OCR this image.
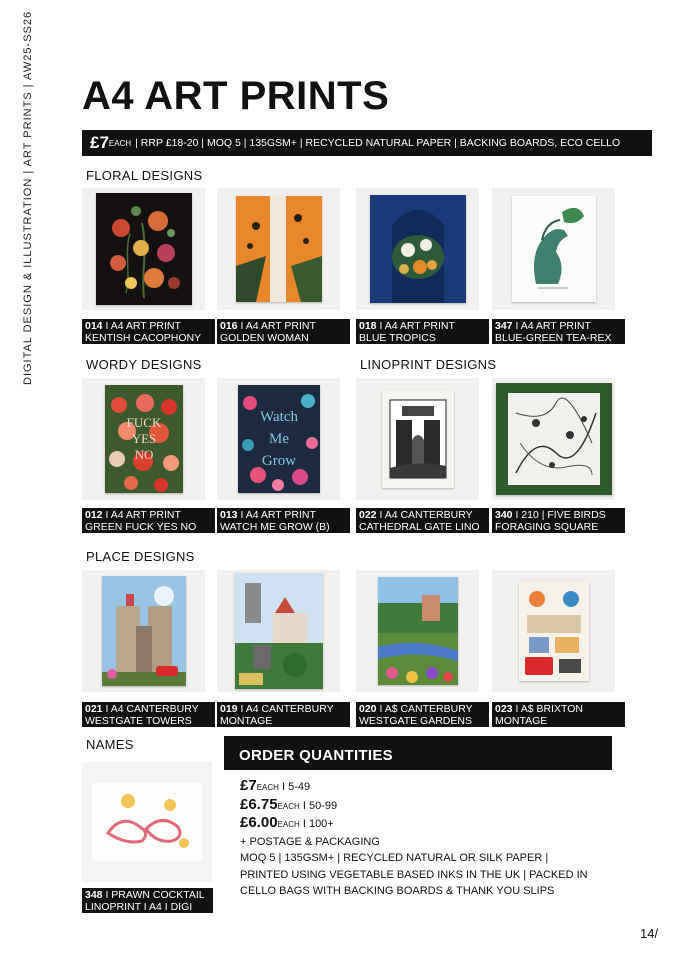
DIGITAL DESIGN & ILLUSTRATION | ART PRINTS | AW25-SS26 A4 ART PRINTS
£7 EACH | RRP £18-20 | MOQ 5 | 135GSM+ | RECYCLED NATURAL PAPER | BACKING BOARDS, ECO CELLO
FLORAL DESIGNS
WORDY DESIGNS	LINOPRINT DESIGNS
PLACE DESIGNS
NAMES
014 I A4 ART PRINT
KENTISH CACOPHONY
016 I A4 ART PRINT
GOLDEN WOMAN
018 I A4 ART PRINT
BLUE TROPICS
347 I A4 ART PRINT
BLUE-GREEN TEA-REX
FUCK
YES
NO
012 I A4 ART PRINT
GREEN FUCK YES NO
Watch
Me
Grow
013 I A4 ART PRINT
WATCH ME GROW (B)
022 I A4 CANTERBURY
CATHEDRAL GATE LINO
340 I 210 | FIVE BIRDS
FORAGING SQUARE
021 I A4 CANTERBURY
WESTGATE TOWERS
019 I A4 CANTERBURY
MONTAGE
020 I A$ CANTERBURY
WESTGATE GARDENS
023 I A$ BRIXTON
MONTAGE
348 I PRAWN COCKTAIL
LINOPRINT I A4 I DIGI
ORDER QUANTITIES
£7EACH I 5-49
£6.75EACH I 50-99
£6.00EACH I 100+
+ POSTAGE & PACKAGING
MOQ 5 | 135GSM+ | RECYCLED NATURAL OR SILK PAPER |
PRINTED USING VEGETABLE BASED INKS IN THE UK | PACKED IN
CELLO BAGS WITH BACKING BOARDS & THANK YOU SLIPS
14/
